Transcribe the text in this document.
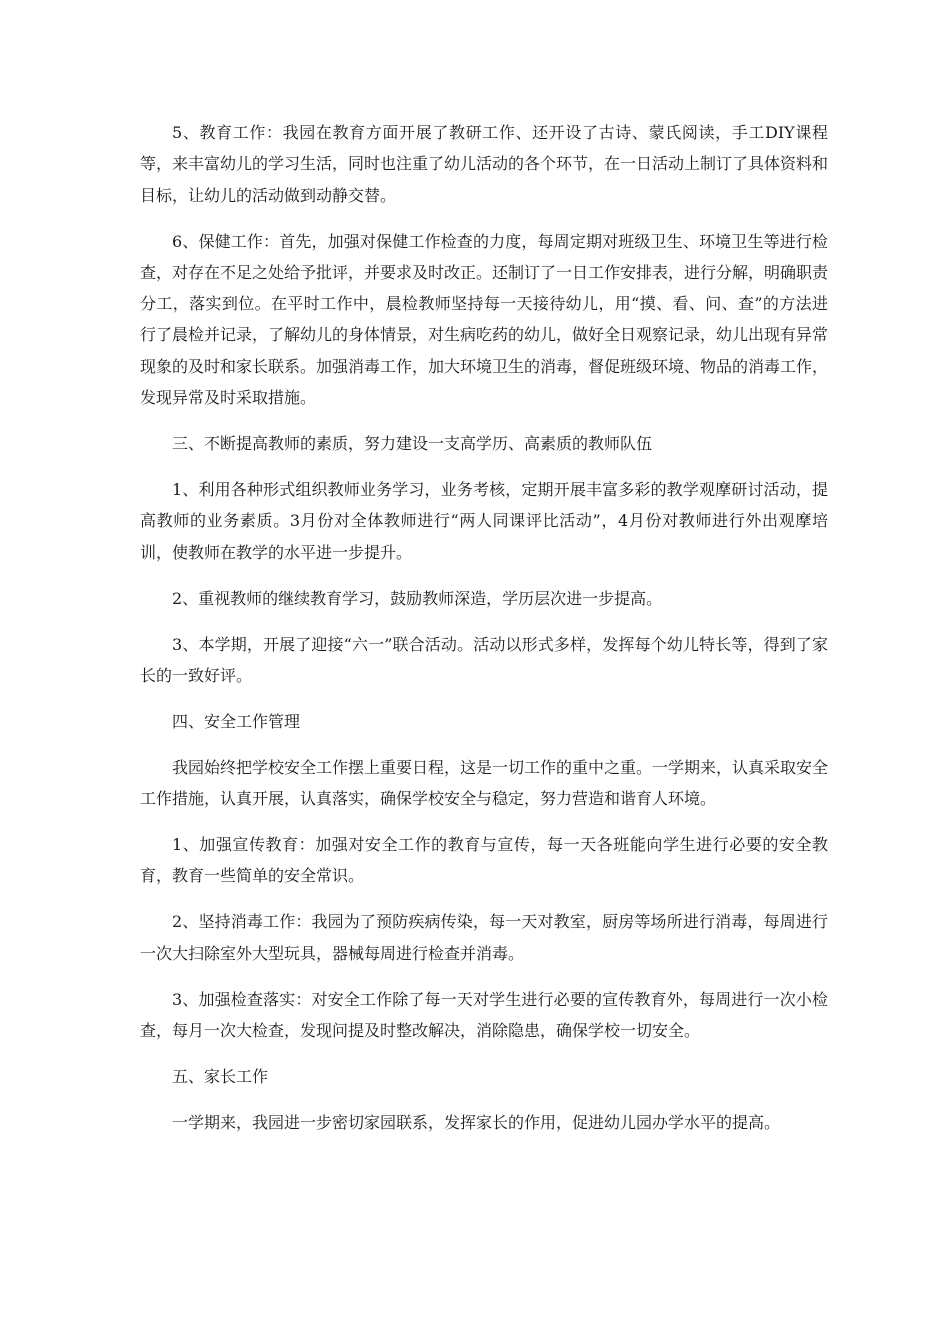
5、教育工作：我园在教育方面开展了教研工作、还开设了古诗、蒙氏阅读，手工DIY课程等，来丰富幼儿的学习生活，同时也注重了幼儿活动的各个环节，在一日活动上制订了具体资料和目标，让幼儿的活动做到动静交替。

6、保健工作：首先，加强对保健工作检查的力度，每周定期对班级卫生、环境卫生等进行检查，对存在不足之处给予批评，并要求及时改正。还制订了一日工作安排表，进行分解，明确职责分工，落实到位。在平时工作中，晨检教师坚持每一天接待幼儿，用“摸、看、问、查”的方法进行了晨检并记录，了解幼儿的身体情景，对生病吃药的幼儿，做好全日观察记录，幼儿出现有异常现象的及时和家长联系。加强消毒工作，加大环境卫生的消毒，督促班级环境、物品的消毒工作，发现异常及时采取措施。

三、不断提高教师的素质，努力建设一支高学历、高素质的教师队伍

1、利用各种形式组织教师业务学习，业务考核，定期开展丰富多彩的教学观摩研讨活动，提高教师的业务素质。3月份对全体教师进行“两人同课评比活动”，4月份对教师进行外出观摩培训，使教师在教学的水平进一步提升。

2、重视教师的继续教育学习，鼓励教师深造，学历层次进一步提高。

3、本学期，开展了迎接“六一”联合活动。活动以形式多样，发挥每个幼儿特长等，得到了家长的一致好评。

四、安全工作管理

我园始终把学校安全工作摆上重要日程，这是一切工作的重中之重。一学期来，认真采取安全工作措施，认真开展，认真落实，确保学校安全与稳定，努力营造和谐育人环境。

1、加强宣传教育：加强对安全工作的教育与宣传，每一天各班能向学生进行必要的安全教育，教育一些简单的安全常识。

2、坚持消毒工作：我园为了预防疾病传染，每一天对教室，厨房等场所进行消毒，每周进行一次大扫除室外大型玩具，器械每周进行检查并消毒。

3、加强检查落实：对安全工作除了每一天对学生进行必要的宣传教育外，每周进行一次小检查，每月一次大检查，发现问提及时整改解决，消除隐患，确保学校一切安全。

五、家长工作

一学期来，我园进一步密切家园联系，发挥家长的作用，促进幼儿园办学水平的提高。
